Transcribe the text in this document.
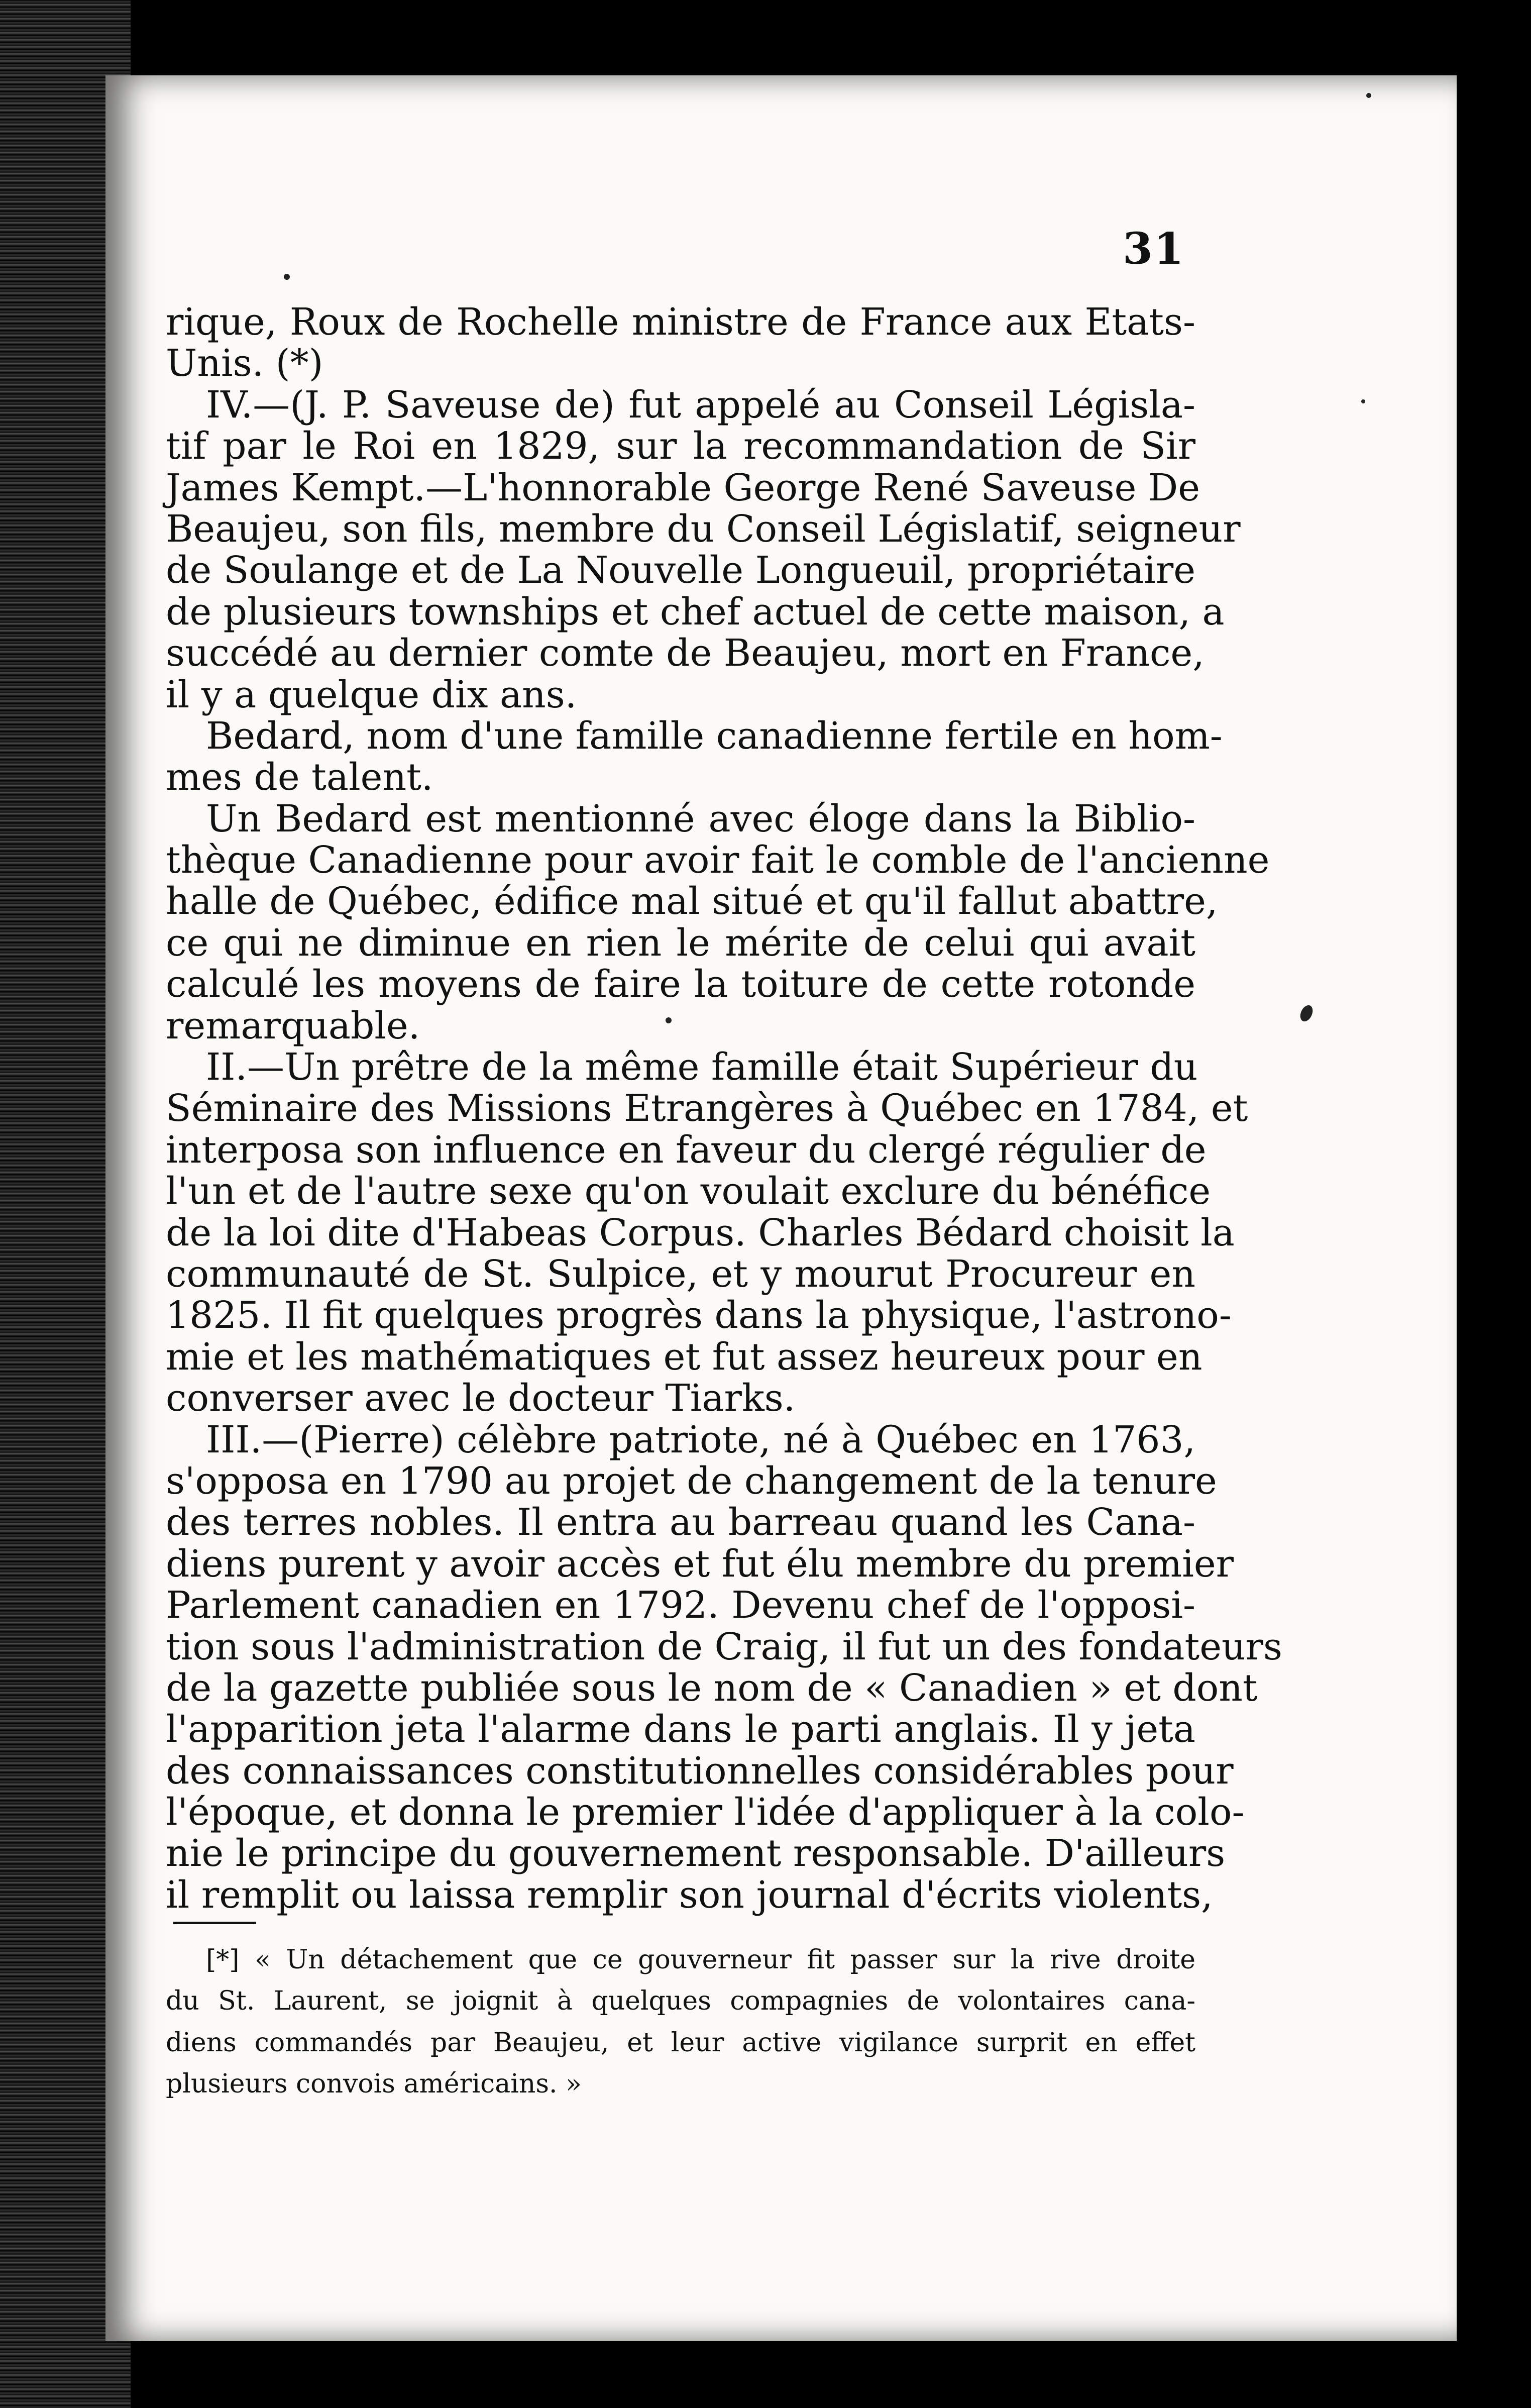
31
rique, Roux de Rochelle ministre de France aux Etats-
Unis. (*)
IV.—(J. P. Saveuse de) fut appelé au Conseil Législa-
tif par le Roi en 1829, sur la recommandation de Sir
James Kempt.—L'honnorable George René Saveuse De
Beaujeu, son fils, membre du Conseil Législatif, seigneur
de Soulange et de La Nouvelle Longueuil, propriétaire
de plusieurs townships et chef actuel de cette maison, a
succédé au dernier comte de Beaujeu, mort en France,
il y a quelque dix ans.
Bedard, nom d'une famille canadienne fertile en hom-
mes de talent.
Un Bedard est mentionné avec éloge dans la Biblio-
thèque Canadienne pour avoir fait le comble de l'ancienne
halle de Québec, édifice mal situé et qu'il fallut abattre,
ce qui ne diminue en rien le mérite de celui qui avait
calculé les moyens de faire la toiture de cette rotonde
remarquable.
II.—Un prêtre de la même famille était Supérieur du
Séminaire des Missions Etrangères à Québec en 1784, et
interposa son influence en faveur du clergé régulier de
l'un et de l'autre sexe qu'on voulait exclure du bénéfice
de la loi dite d'Habeas Corpus. Charles Bédard choisit la
communauté de St. Sulpice, et y mourut Procureur en
1825. Il fit quelques progrès dans la physique, l'astrono-
mie et les mathématiques et fut assez heureux pour en
converser avec le docteur Tiarks.
III.—(Pierre) célèbre patriote, né à Québec en 1763,
s'opposa en 1790 au projet de changement de la tenure
des terres nobles. Il entra au barreau quand les Cana-
diens purent y avoir accès et fut élu membre du premier
Parlement canadien en 1792. Devenu chef de l'opposi-
tion sous l'administration de Craig, il fut un des fondateurs
de la gazette publiée sous le nom de « Canadien » et dont
l'apparition jeta l'alarme dans le parti anglais. Il y jeta
des connaissances constitutionnelles considérables pour
l'époque, et donna le premier l'idée d'appliquer à la colo-
nie le principe du gouvernement responsable. D'ailleurs
il remplit ou laissa remplir son journal d'écrits violents,
[*] « Un détachement que ce gouverneur fit passer sur la rive droite
du St. Laurent, se joignit à quelques compagnies de volontaires cana-
diens commandés par Beaujeu, et leur active vigilance surprit en effet
plusieurs convois américains. »
